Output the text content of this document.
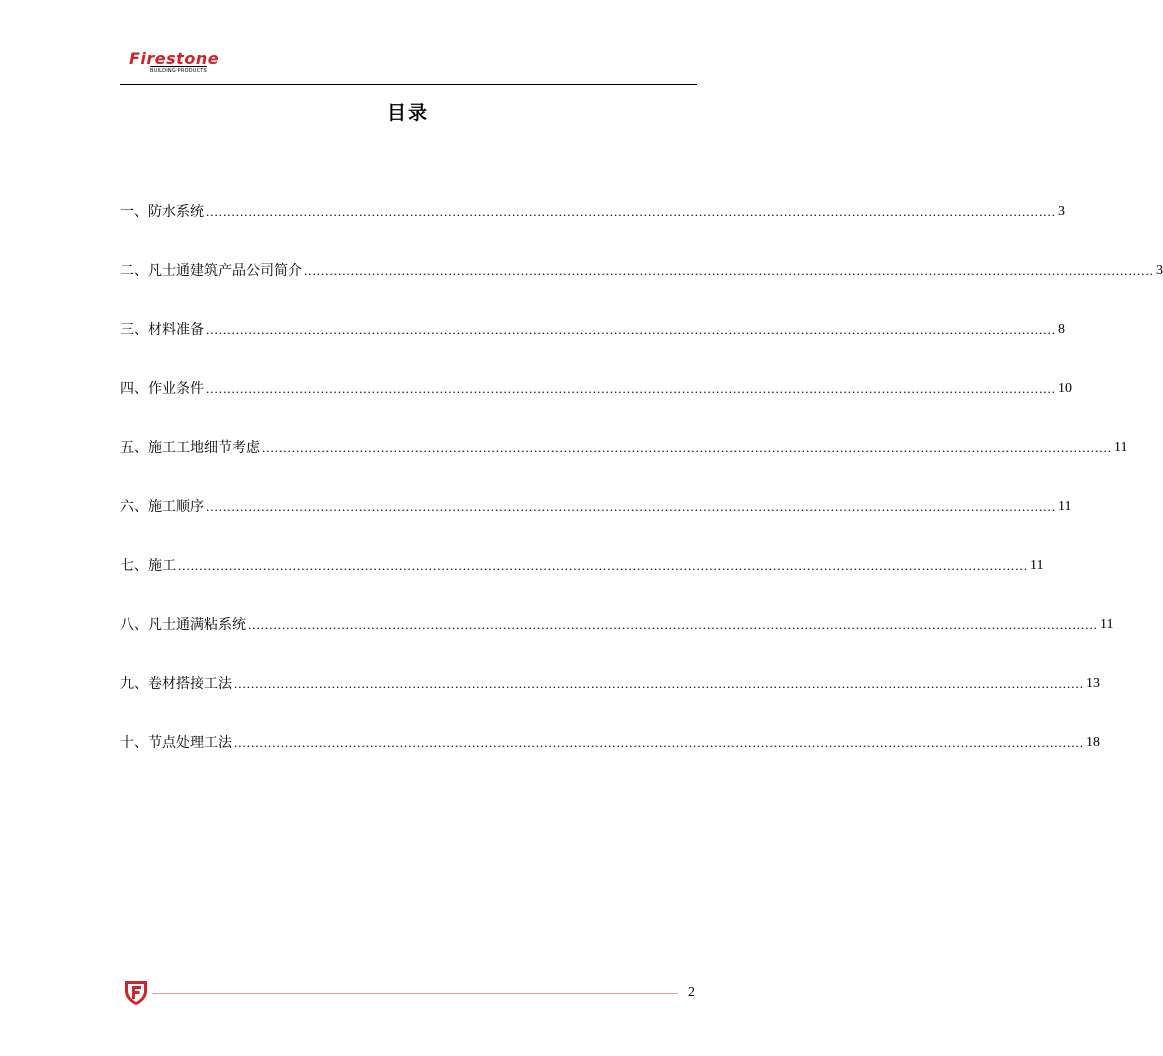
Firestone
BUILDING PRODUCTS
目录
一、防水系统 ........................................................................................................................................................................................................ 3
二、凡士通建筑产品公司简介 ........................................................................................................................................................................................................ 3
三、材料准备 ........................................................................................................................................................................................................ 8
四、作业条件 ........................................................................................................................................................................................................ 10
五、施工工地细节考虑 ........................................................................................................................................................................................................ 11
六、施工顺序 ........................................................................................................................................................................................................ 11
七、施工 ........................................................................................................................................................................................................ 11
八、凡士通满粘系统 ........................................................................................................................................................................................................ 11
九、卷材搭接工法 ........................................................................................................................................................................................................ 13
十、节点处理工法 ........................................................................................................................................................................................................ 18
2
